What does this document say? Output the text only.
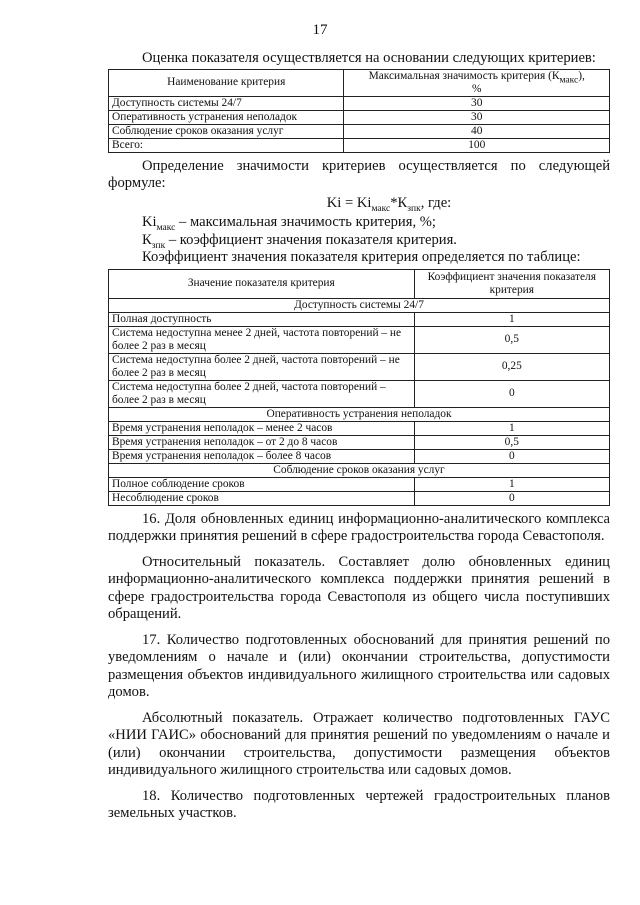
17

Оценка показателя осуществляется на основании следующих критериев:

Наименование критерия	Максимальная значимость критерия $(К_{макс})$,
%
Доступность системы 24/7	30
Оперативность устранения неполадок	30
Соблюдение сроков оказания услуг	40
Всего:	100

Определение значимости критериев осуществляется по следующей формуле:

$Ki = Ki_{макс}*К_{зпк}$, где:

$Ki_{макс}$ – максимальная значимость критерия, %;

$К_{зпк}$ – коэффициент значения показателя критерия.

Коэффициент значения показателя критерия определяется по таблице:

Значение показателя критерия	Коэффициент значения показателя критерия
Доступность системы 24/7	
Полная доступность	1
Система недоступна менее 2 дней, частота повторений – не более 2 раз в месяц	0,5
Система недоступна более 2 дней, частота повторений – не более 2 раз в месяц	0,25
Система недоступна более 2 дней, частота повторений – более 2 раз в месяц	0
Оперативность устранения неполадок	
Время устранения неполадок – менее 2 часов	1
Время устранения неполадок – от 2 до 8 часов	0,5
Время устранения неполадок – более 8 часов	0
Соблюдение сроков оказания услуг	
Полное соблюдение сроков	1
Несоблюдение сроков	0

16. Доля обновленных единиц информационно-аналитического комплекса поддержки принятия решений в сфере градостроительства города Севастополя.

Относительный показатель. Составляет долю обновленных единиц информационно-аналитического комплекса поддержки принятия решений в сфере градостроительства города Севастополя из общего числа поступивших обращений.

17. Количество подготовленных обоснований для принятия решений по уведомлениям о начале и (или) окончании строительства, допустимости размещения объектов индивидуального жилищного строительства или садовых домов.

Абсолютный показатель. Отражает количество подготовленных ГАУС «НИИ ГАИС» обоснований для принятия решений по уведомлениям о начале и (или) окончании строительства, допустимости размещения объектов индивидуального жилищного строительства или садовых домов.

18. Количество подготовленных чертежей градостроительных планов земельных участков.
